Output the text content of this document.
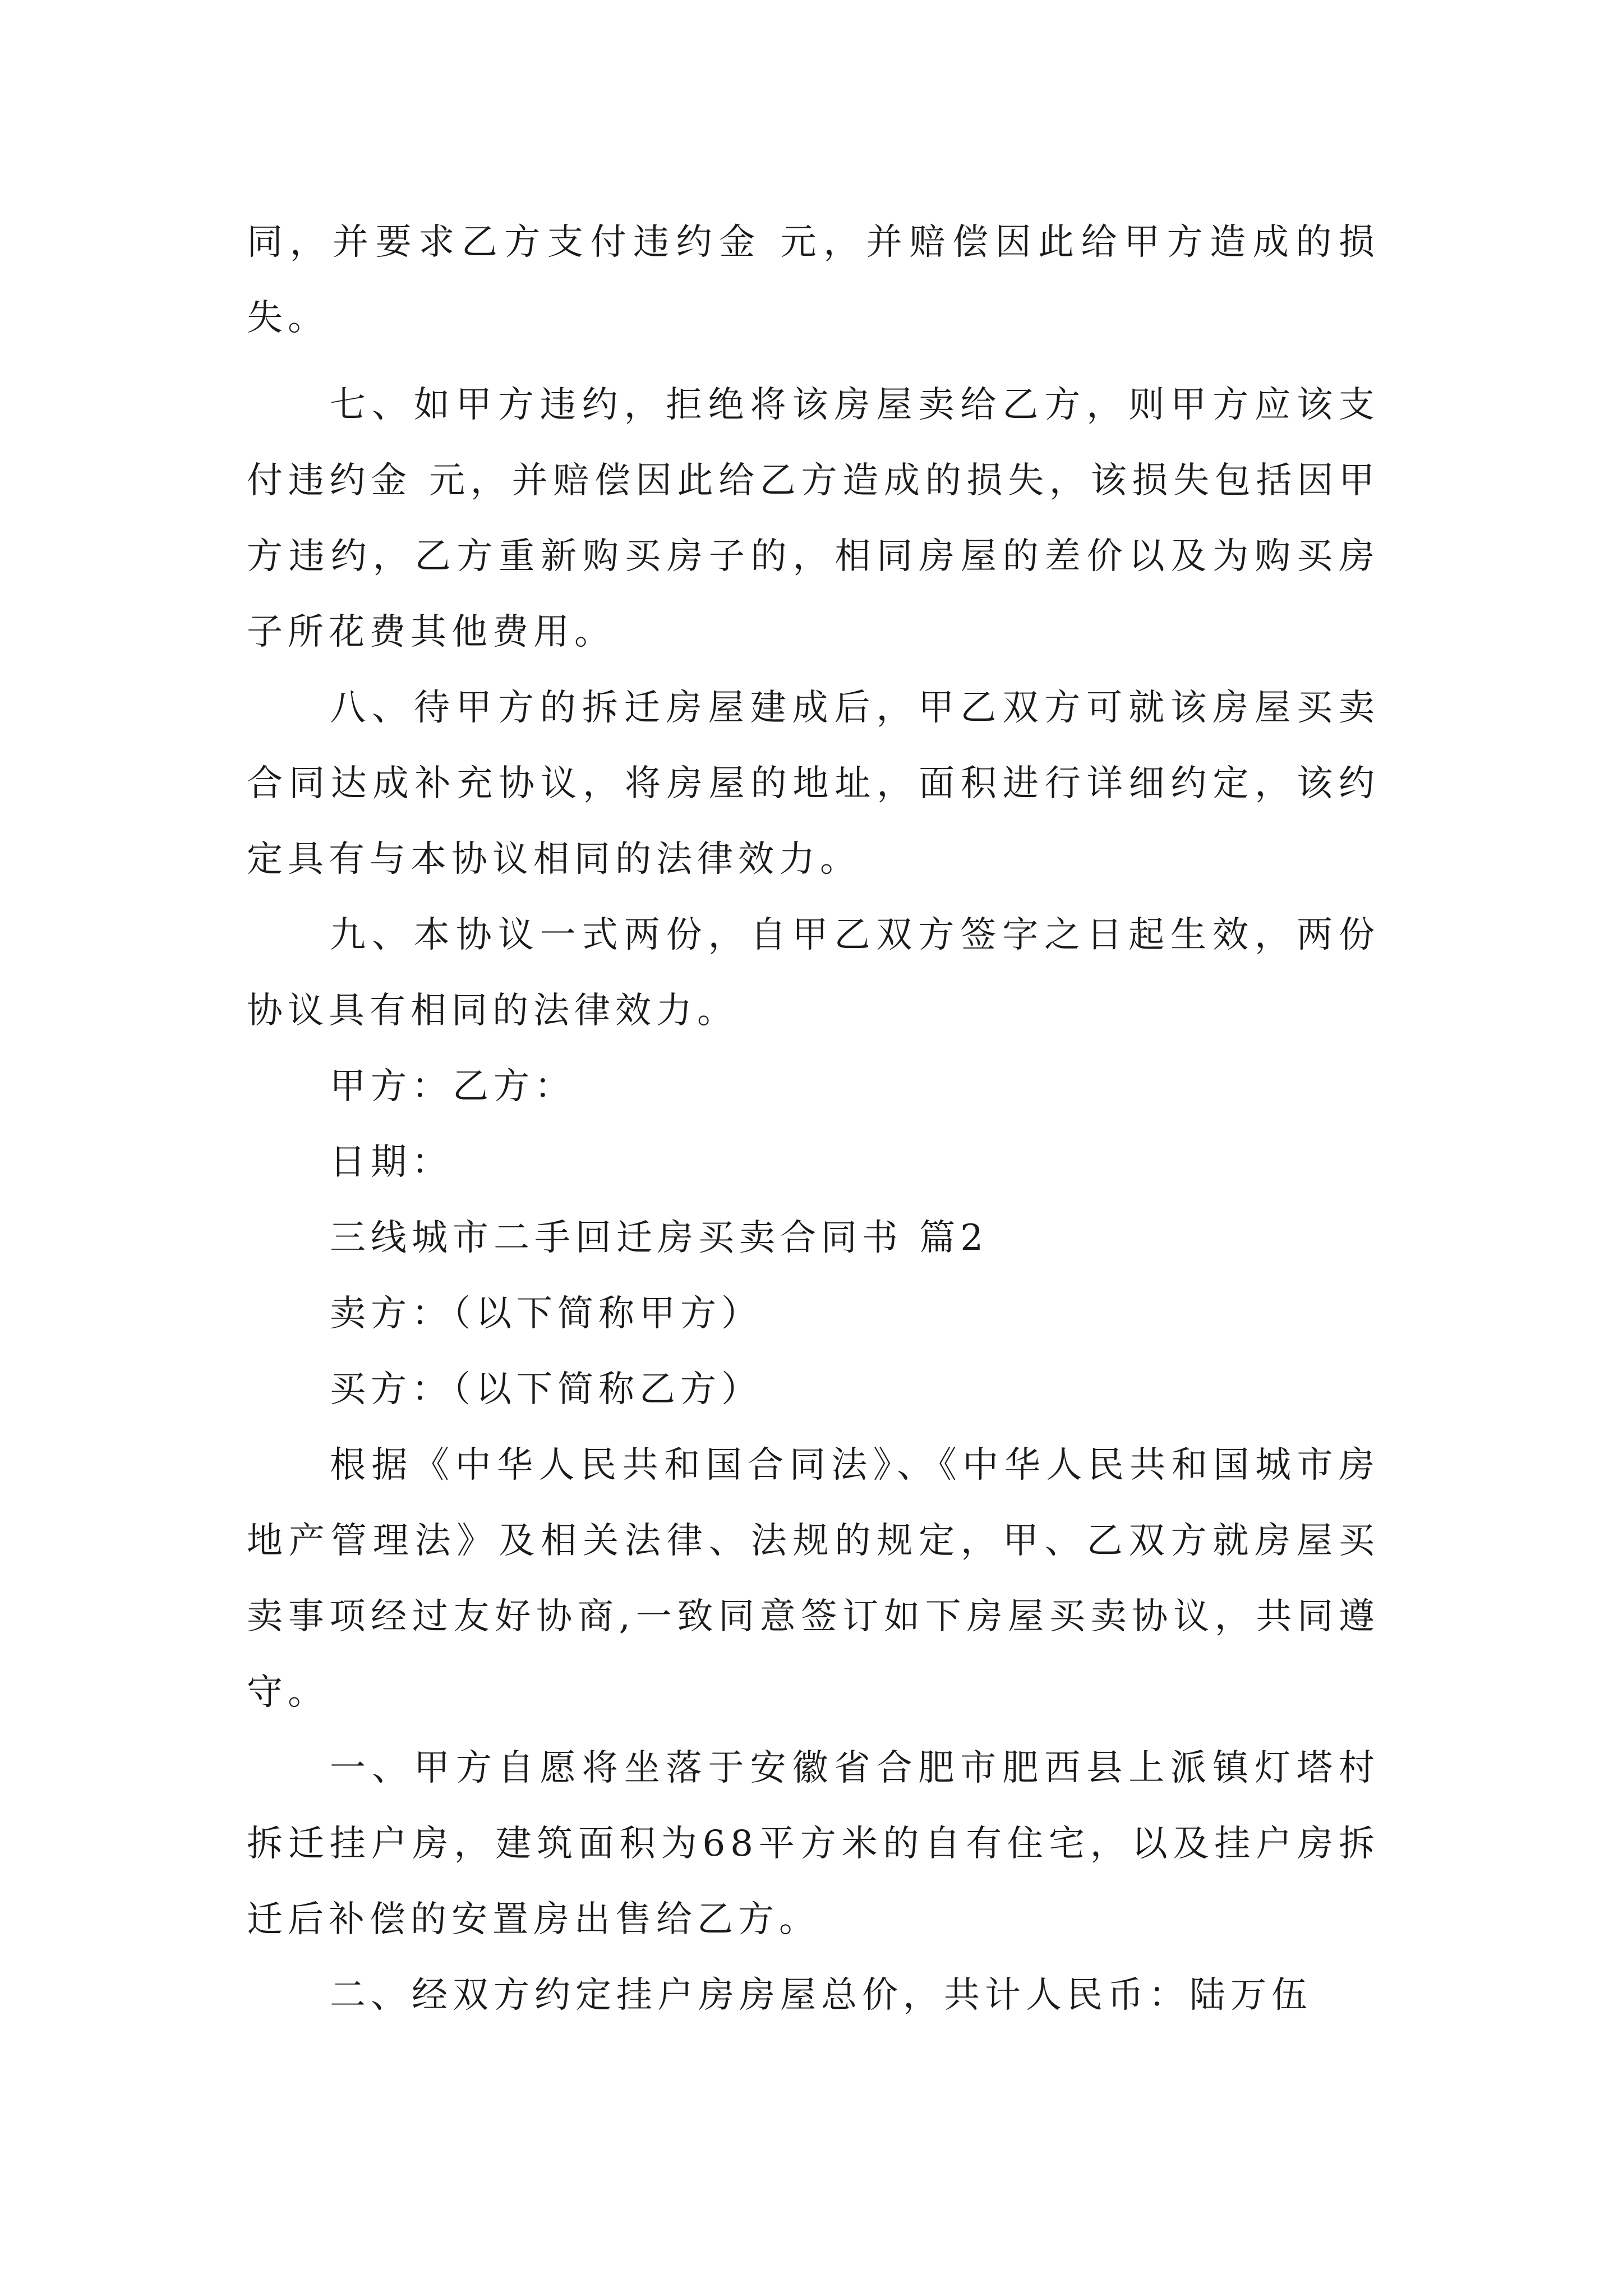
同，并要求乙方支付违约金 元，并赔偿因此给甲方造成的损失。

七、如甲方违约，拒绝将该房屋卖给乙方，则甲方应该支付违约金 元，并赔偿因此给乙方造成的损失，该损失包括因甲方违约，乙方重新购买房子的，相同房屋的差价以及为购买房子所花费其他费用。

八、待甲方的拆迁房屋建成后，甲乙双方可就该房屋买卖合同达成补充协议，将房屋的地址，面积进行详细约定，该约定具有与本协议相同的法律效力。

九、本协议一式两份，自甲乙双方签字之日起生效，两份协议具有相同的法律效力。

甲方：乙方：

日期：

三线城市二手回迁房买卖合同书 篇2

卖方：（以下简称甲方）

买方：（以下简称乙方）

根据《中华人民共和国合同法》、《中华人民共和国城市房地产管理法》及相关法律、法规的规定，甲、乙双方就房屋买卖事项经过友好协商,一致同意签订如下房屋买卖协议，共同遵守。

一、甲方自愿将坐落于安徽省合肥市肥西县上派镇灯塔村拆迁挂户房，建筑面积为68平方米的自有住宅，以及挂户房拆迁后补偿的安置房出售给乙方。

二、经双方约定挂户房房屋总价，共计人民币：陆万伍
